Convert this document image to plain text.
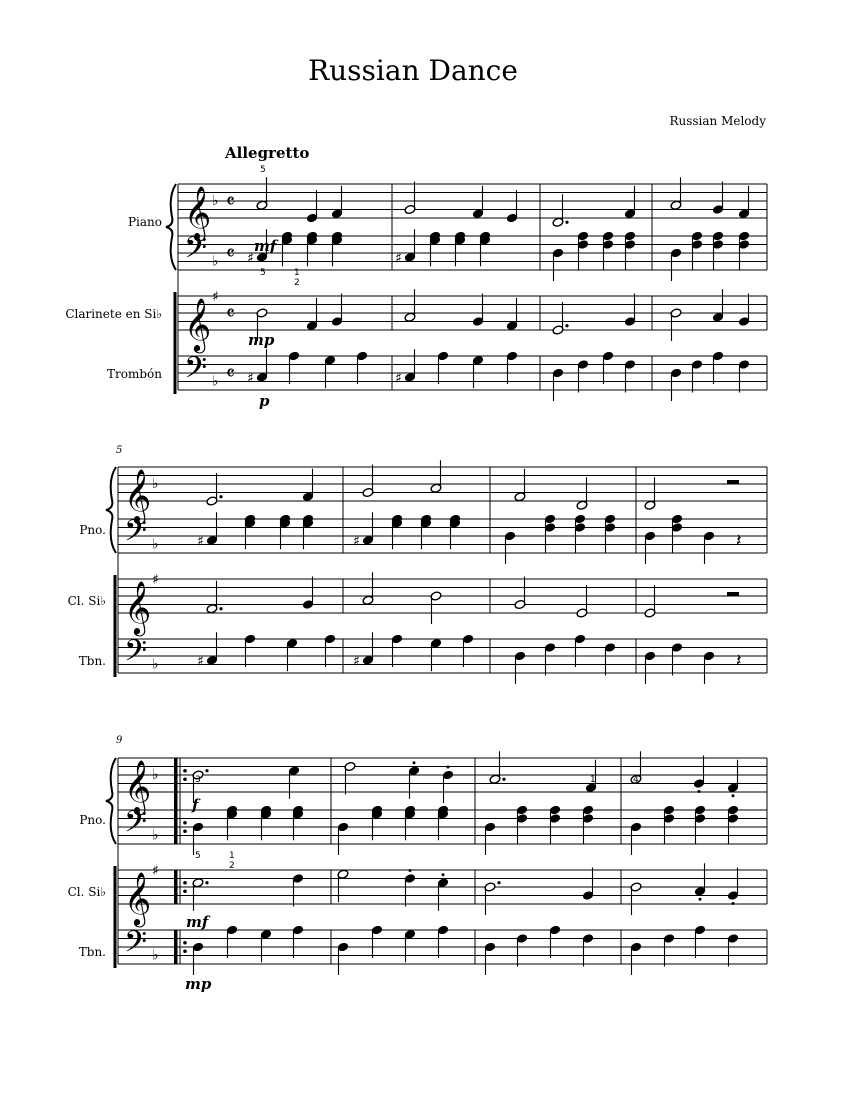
Russian Dance
Russian Melody
Allegretto
𝄞
𝄢
𝄞
𝄢
𝄞
𝄢
𝄞
𝄢
𝄞
𝄢
𝄞
𝄢
♭
♭
♯
♭
♭
♭
♯
♭
♭
♭
♯
♭
𝄴
𝄴
𝄴
𝄴
♯	♯
♯	♯
♯	♯	𝄽
♯	♯	𝄽
Piano
Clarinete en Si♭
Trombón
Pno.
Cl. Si♭
Tbn.
Pno.
Cl. Si♭
Tbn.
5
9
mf
mp
p
f
mf
mp
5
5	1
2
3	1	4
5	1
2
